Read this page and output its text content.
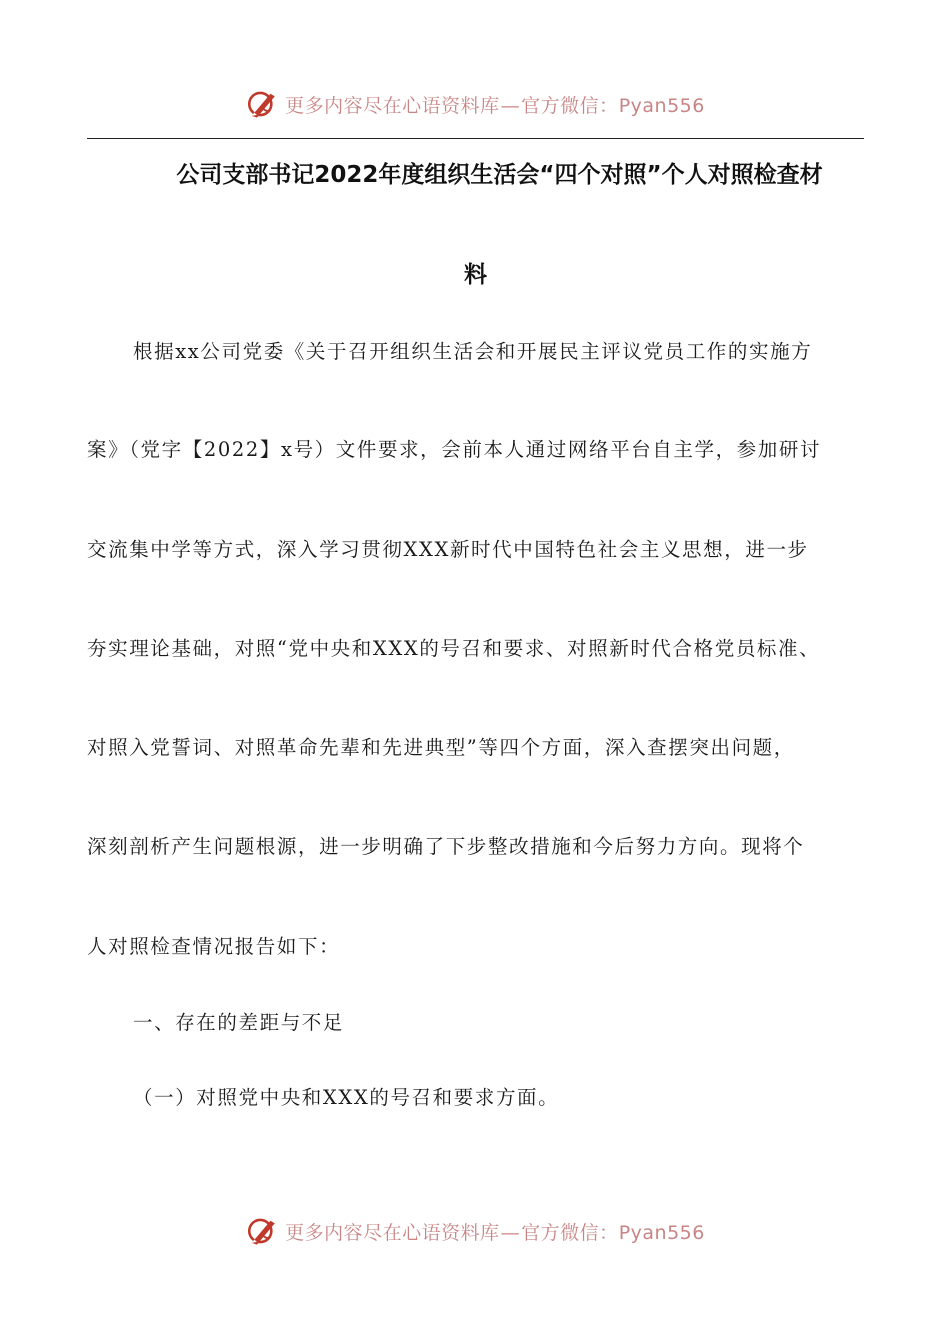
更多内容尽在心语资料库—官方微信：Pyan556
公司支部书记2022年度组织生活会“四个对照”个人对照检查材
料
根据xx公司党委《关于召开组织生活会和开展民主评议党员工作的实施方
案》（党字【2022】x号）文件要求，会前本人通过网络平台自主学，参加研讨
交流集中学等方式，深入学习贯彻XXX新时代中国特色社会主义思想，进一步
夯实理论基础，对照“党中央和XXX的号召和要求、对照新时代合格党员标准、
对照入党誓词、对照革命先辈和先进典型”等四个方面，深入查摆突出问题，
深刻剖析产生问题根源，进一步明确了下步整改措施和今后努力方向。现将个
人对照检查情况报告如下：
一、存在的差距与不足
（一）对照党中央和XXX的号召和要求方面。
更多内容尽在心语资料库—官方微信：Pyan556
